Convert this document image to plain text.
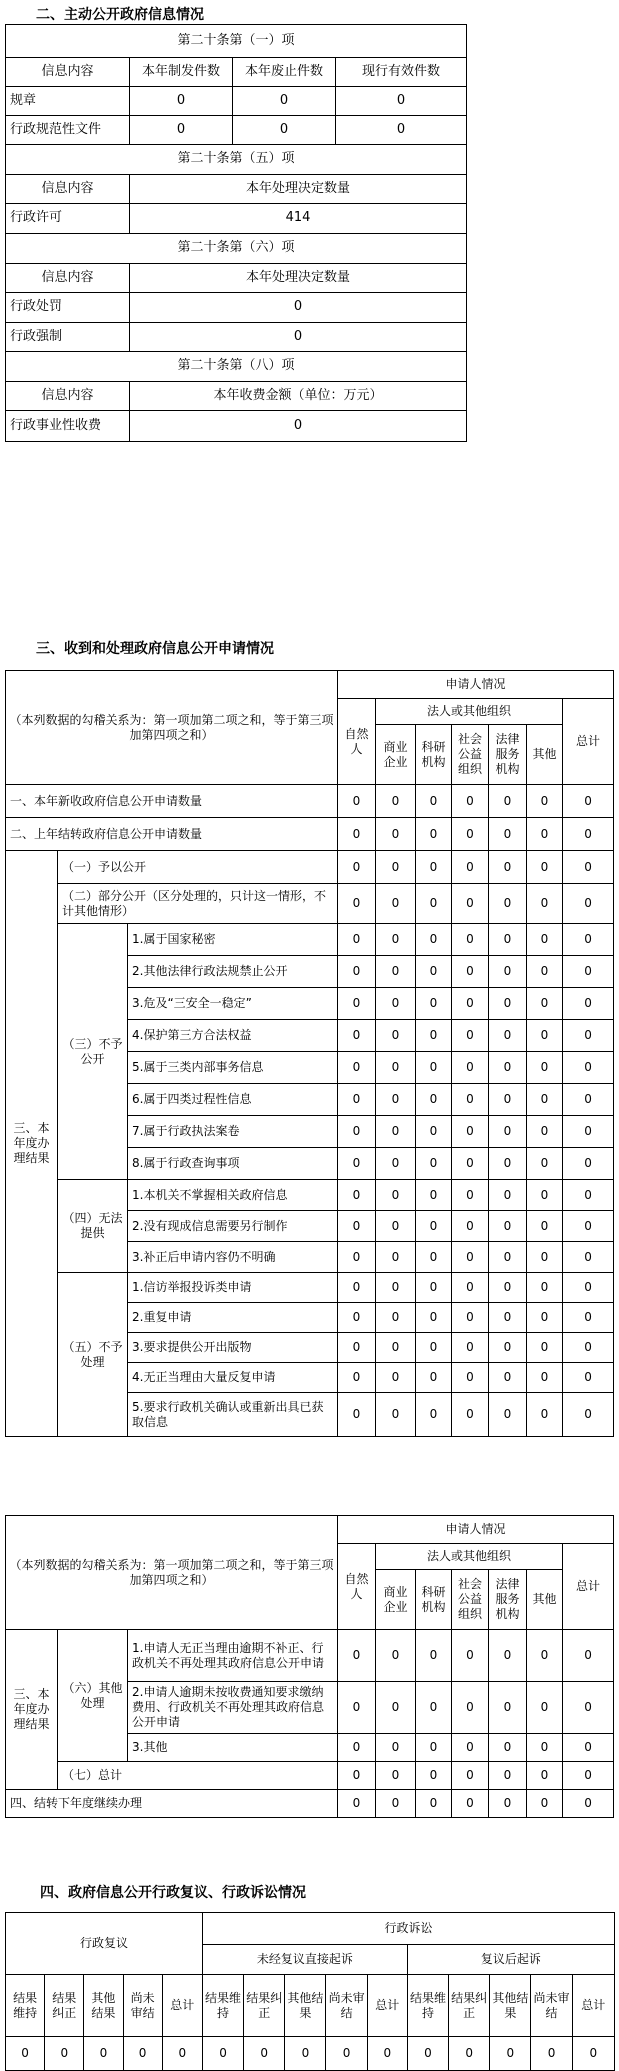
二、主动公开政府信息情况
第二十条第（一）项			
信息内容	本年制发件数	本年废止件数	现行有效件数
规章	0	0	0
行政规范性文件	0	0	0
第二十条第（五）项			
信息内容	本年处理决定数量		
行政许可	414		
第二十条第（六）项			
信息内容	本年处理决定数量		
行政处罚	0		
行政强制	0		
第二十条第（八）项			
信息内容	本年收费金额（单位：万元）		
行政事业性收费	0		
三、收到和处理政府信息公开申请情况
（本列数据的勾稽关系为：第一项加第二项之和，等于第三项加第四项之和）			申请人情况						
			自然人	法人或其他组织					总计
				商业企业	科研机构	社会公益组织	法律服务机构	其他	
一、本年新收政府信息公开申请数量			0	0	0	0	0	0	0
二、上年结转政府信息公开申请数量			0	0	0	0	0	0	0
三、本年度办理结果	（一）予以公开		0	0	0	0	0	0	0
	（二）部分公开（区分处理的，只计这一情形，不计其他情形）		0	0	0	0	0	0	0
	（三）不予公开	1.属于国家秘密	0	0	0	0	0	0	0
		2.其他法律行政法规禁止公开	0	0	0	0	0	0	0
		3.危及“三安全一稳定”	0	0	0	0	0	0	0
		4.保护第三方合法权益	0	0	0	0	0	0	0
		5.属于三类内部事务信息	0	0	0	0	0	0	0
		6.属于四类过程性信息	0	0	0	0	0	0	0
		7.属于行政执法案卷	0	0	0	0	0	0	0
		8.属于行政查询事项	0	0	0	0	0	0	0
	（四）无法提供	1.本机关不掌握相关政府信息	0	0	0	0	0	0	0
		2.没有现成信息需要另行制作	0	0	0	0	0	0	0
		3.补正后申请内容仍不明确	0	0	0	0	0	0	0
	（五）不予处理	1.信访举报投诉类申请	0	0	0	0	0	0	0
		2.重复申请	0	0	0	0	0	0	0
		3.要求提供公开出版物	0	0	0	0	0	0	0
		4.无正当理由大量反复申请	0	0	0	0	0	0	0
		5.要求行政机关确认或重新出具已获取信息	0	0	0	0	0	0	0
（本列数据的勾稽关系为：第一项加第二项之和，等于第三项加第四项之和）			申请人情况						
			自然人	法人或其他组织					总计
				商业企业	科研机构	社会公益组织	法律服务机构	其他	
三、本年度办理结果	（六）其他处理	1.申请人无正当理由逾期不补正、行政机关不再处理其政府信息公开申请	0	0	0	0	0	0	0
		2.申请人逾期未按收费通知要求缴纳费用、行政机关不再处理其政府信息公开申请	0	0	0	0	0	0	0
		3.其他	0	0	0	0	0	0	0
	（七）总计		0	0	0	0	0	0	0
四、结转下年度继续办理			0	0	0	0	0	0	0
四、政府信息公开行政复议、行政诉讼情况
行政复议					行政诉讼									
					未经复议直接起诉					复议后起诉				
结果维持	结果纠正	其他结果	尚未审结	总计	结果维持	结果纠正	其他结果	尚未审结	总计	结果维持	结果纠正	其他结果	尚未审结	总计
0	0	0	0	0	0	0	0	0	0	0	0	0	0	0
